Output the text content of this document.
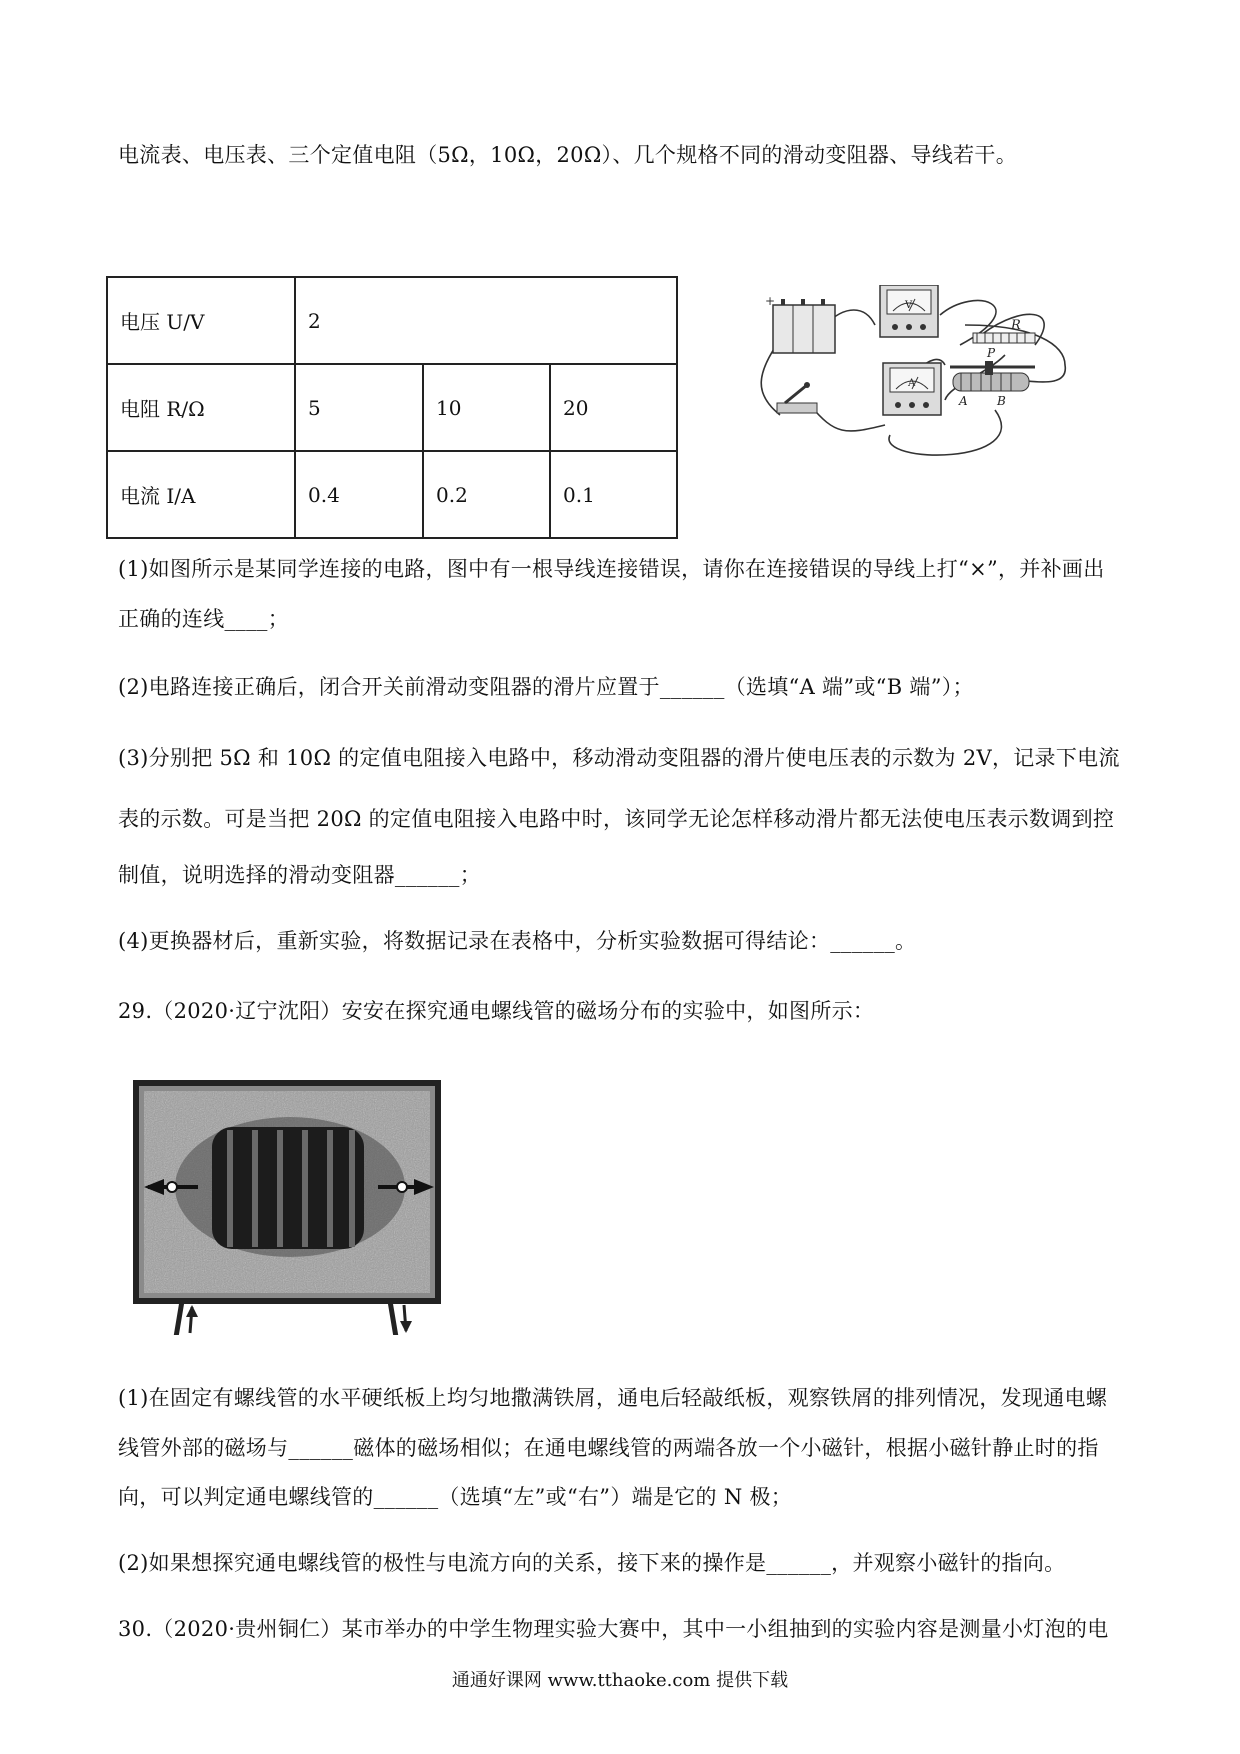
电流表、电压表、三个定值电阻（5Ω，10Ω，20Ω）、几个规格不同的滑动变阻器、导线若干。
电压 U/V	2		
电阻 R/Ω	5	10	20
电流 I/A	0.4	0.2	0.1
+	V
R
A
P
A B
(1)如图所示是某同学连接的电路，图中有一根导线连接错误，请你在连接错误的导线上打“×”，并补画出
正确的连线____；
(2)电路连接正确后，闭合开关前滑动变阻器的滑片应置于______（选填“A 端”或“B 端”）；
(3)分别把 5Ω 和 10Ω 的定值电阻接入电路中，移动滑动变阻器的滑片使电压表的示数为 2V，记录下电流
表的示数。可是当把 20Ω 的定值电阻接入电路中时，该同学无论怎样移动滑片都无法使电压表示数调到控
制值，说明选择的滑动变阻器______；
(4)更换器材后，重新实验，将数据记录在表格中，分析实验数据可得结论：______。
29.（2020·辽宁沈阳）安安在探究通电螺线管的磁场分布的实验中，如图所示：
(1)在固定有螺线管的水平硬纸板上均匀地撒满铁屑，通电后轻敲纸板，观察铁屑的排列情况，发现通电螺
线管外部的磁场与______磁体的磁场相似；在通电螺线管的两端各放一个小磁针，根据小磁针静止时的指
向，可以判定通电螺线管的______（选填“左”或“右”）端是它的 N 极；
(2)如果想探究通电螺线管的极性与电流方向的关系，接下来的操作是______，并观察小磁针的指向。
30.（2020·贵州铜仁）某市举办的中学生物理实验大赛中，其中一小组抽到的实验内容是测量小灯泡的电
通通好课网 www.tthaoke.com 提供下载
